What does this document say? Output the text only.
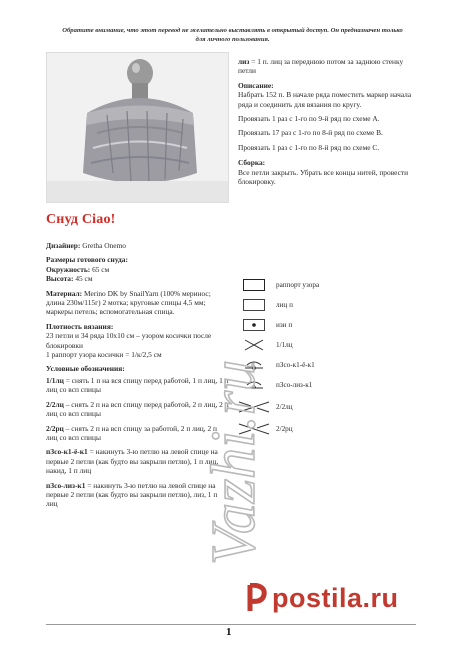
Обратите внимание, что этот перевод не желательно выставлять в открытый доступ. Он предназначен только для личного пользования.
Снуд Ciao!

Дизайнер: Gretha Onemo

Размеры готового снуда:
Окружность: 65 см
Высота: 45 см

Материал: Merino DK by SnailYarn (100% меринос; длина 230м/115г) 2 мотка; круговые спицы 4,5 мм; маркеры петель; вспомогательная спица.

Плотность вязания:
23 петли и 34 ряда 10х10 см – узором косички после блокировки
1 раппорт узора косички = 1/к/2,5 см

Условные обозначения:

1/1лц = снять 1 п на вся спицу перед работой, 1 п лиц, 1 п лиц со всп спицы

2/2лц – снять 2 п на всп спицу перед работой, 2 п лиц, 2 п лиц со всп спицы

2/2рц – снять 2 п на всп спицу за работой, 2 п лиц, 2 п лиц со всп спицы

пЗсо-к1-ё-к1 = накинуть 3-ю петлю на левой спице на первые 2 петли (как будто вы закрыли петлю), 1 п лиц, накид, 1 п лиц

пЗсо-лиз-к1 = накинуть 3-ю петлю на левой спице на первые 2 петли (как будто вы закрыли петлю), лиз, 1 п лиц

лиз = 1 п. лиц за переднюю потом за заднюю стенку петли

Описание:

Набрать 152 п. В начале ряда поместить маркер начала ряда и соединить для вязания по кругу.

Провязать 1 раз с 1-го по 9-й ряд по схеме А.

Провязать 17 раз с 1-го по 8-й ряд по схеме В.

Провязать 1 раз с 1-го по 8-й ряд по схеме С.

Сборка:

Все петли закрыть. Убрать все концы нитей, провести блокировку.

раппорт узора
лиц п
изн п
1/1лц
пЗсо-к1-ё-к1
пЗсо-лиз-к1
2/2лц
2/2рц
Vazhi.ru
1
postila.ru
